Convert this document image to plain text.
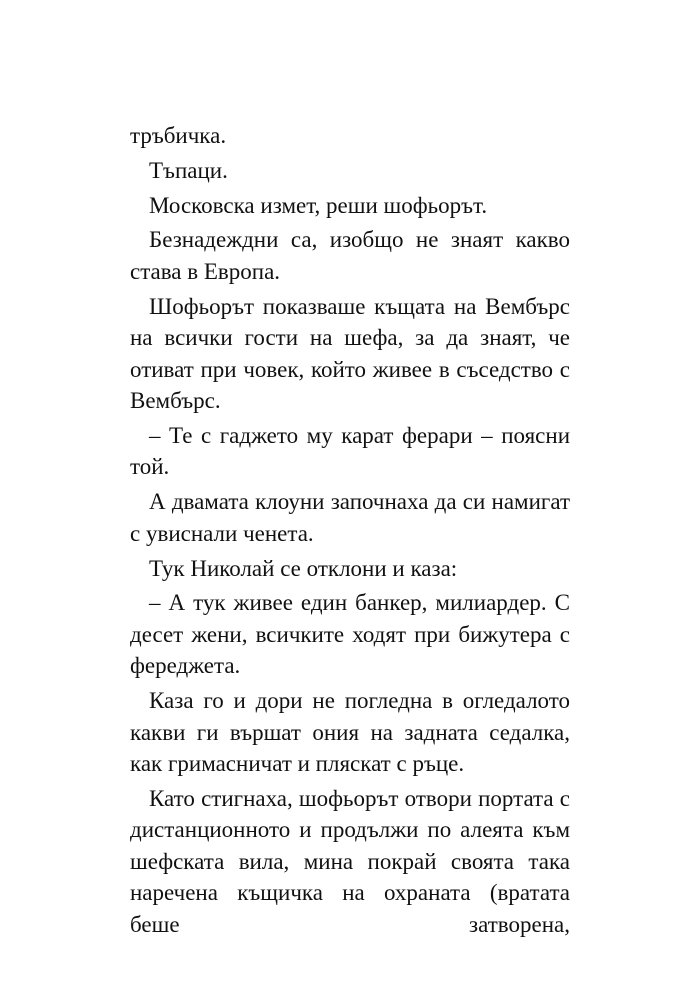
тръбичка.

Тъпаци.

Московска измет, реши шофьорът.

Безнадеждни са, изобщо не знаят какво става в Европа.

Шофьорът показваше къщата на Вембърс на всички гости на шефа, за да знаят, че отиват при човек, който живее в съседство с Вембърс.

– Те с гаджето му карат ферари – поясни той.

А двамата клоуни започнаха да си намигат с увиснали ченета.

Тук Николай се отклони и каза:

– А тук живее един банкер, милиардер. С десет жени, всичките ходят при бижутера с фереджета.

Каза го и дори не погледна в огледалото какви ги вършат ония на задната седалка, как гримасничат и пляскат с ръце.

Като стигнаха, шофьорът отвори портата с дистанционното и продължи по алеята към шефската вила, мина покрай своята така наречена къщичка на охраната (вратата беше затворена,
